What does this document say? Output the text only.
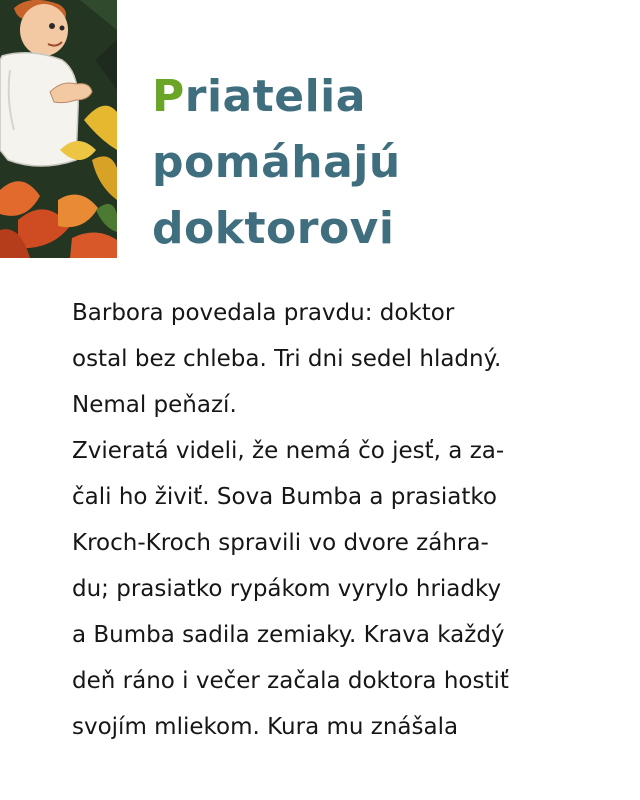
Priatelia
pomáhajú
doktorovi

Barbora povedala pravdu: doktor
ostal bez chleba. Tri dni sedel hladný.
Nemal peňazí.
Zvieratá videli, že nemá čo jesť, a za-
čali ho živiť. Sova Bumba a prasiatko
Kroch-Kroch spravili vo dvore záhra-
du; prasiatko rypákom vyrylo hriadky
a Bumba sadila zemiaky. Krava každý
deň ráno i večer začala doktora hostiť
svojím mliekom. Kura mu znášala
